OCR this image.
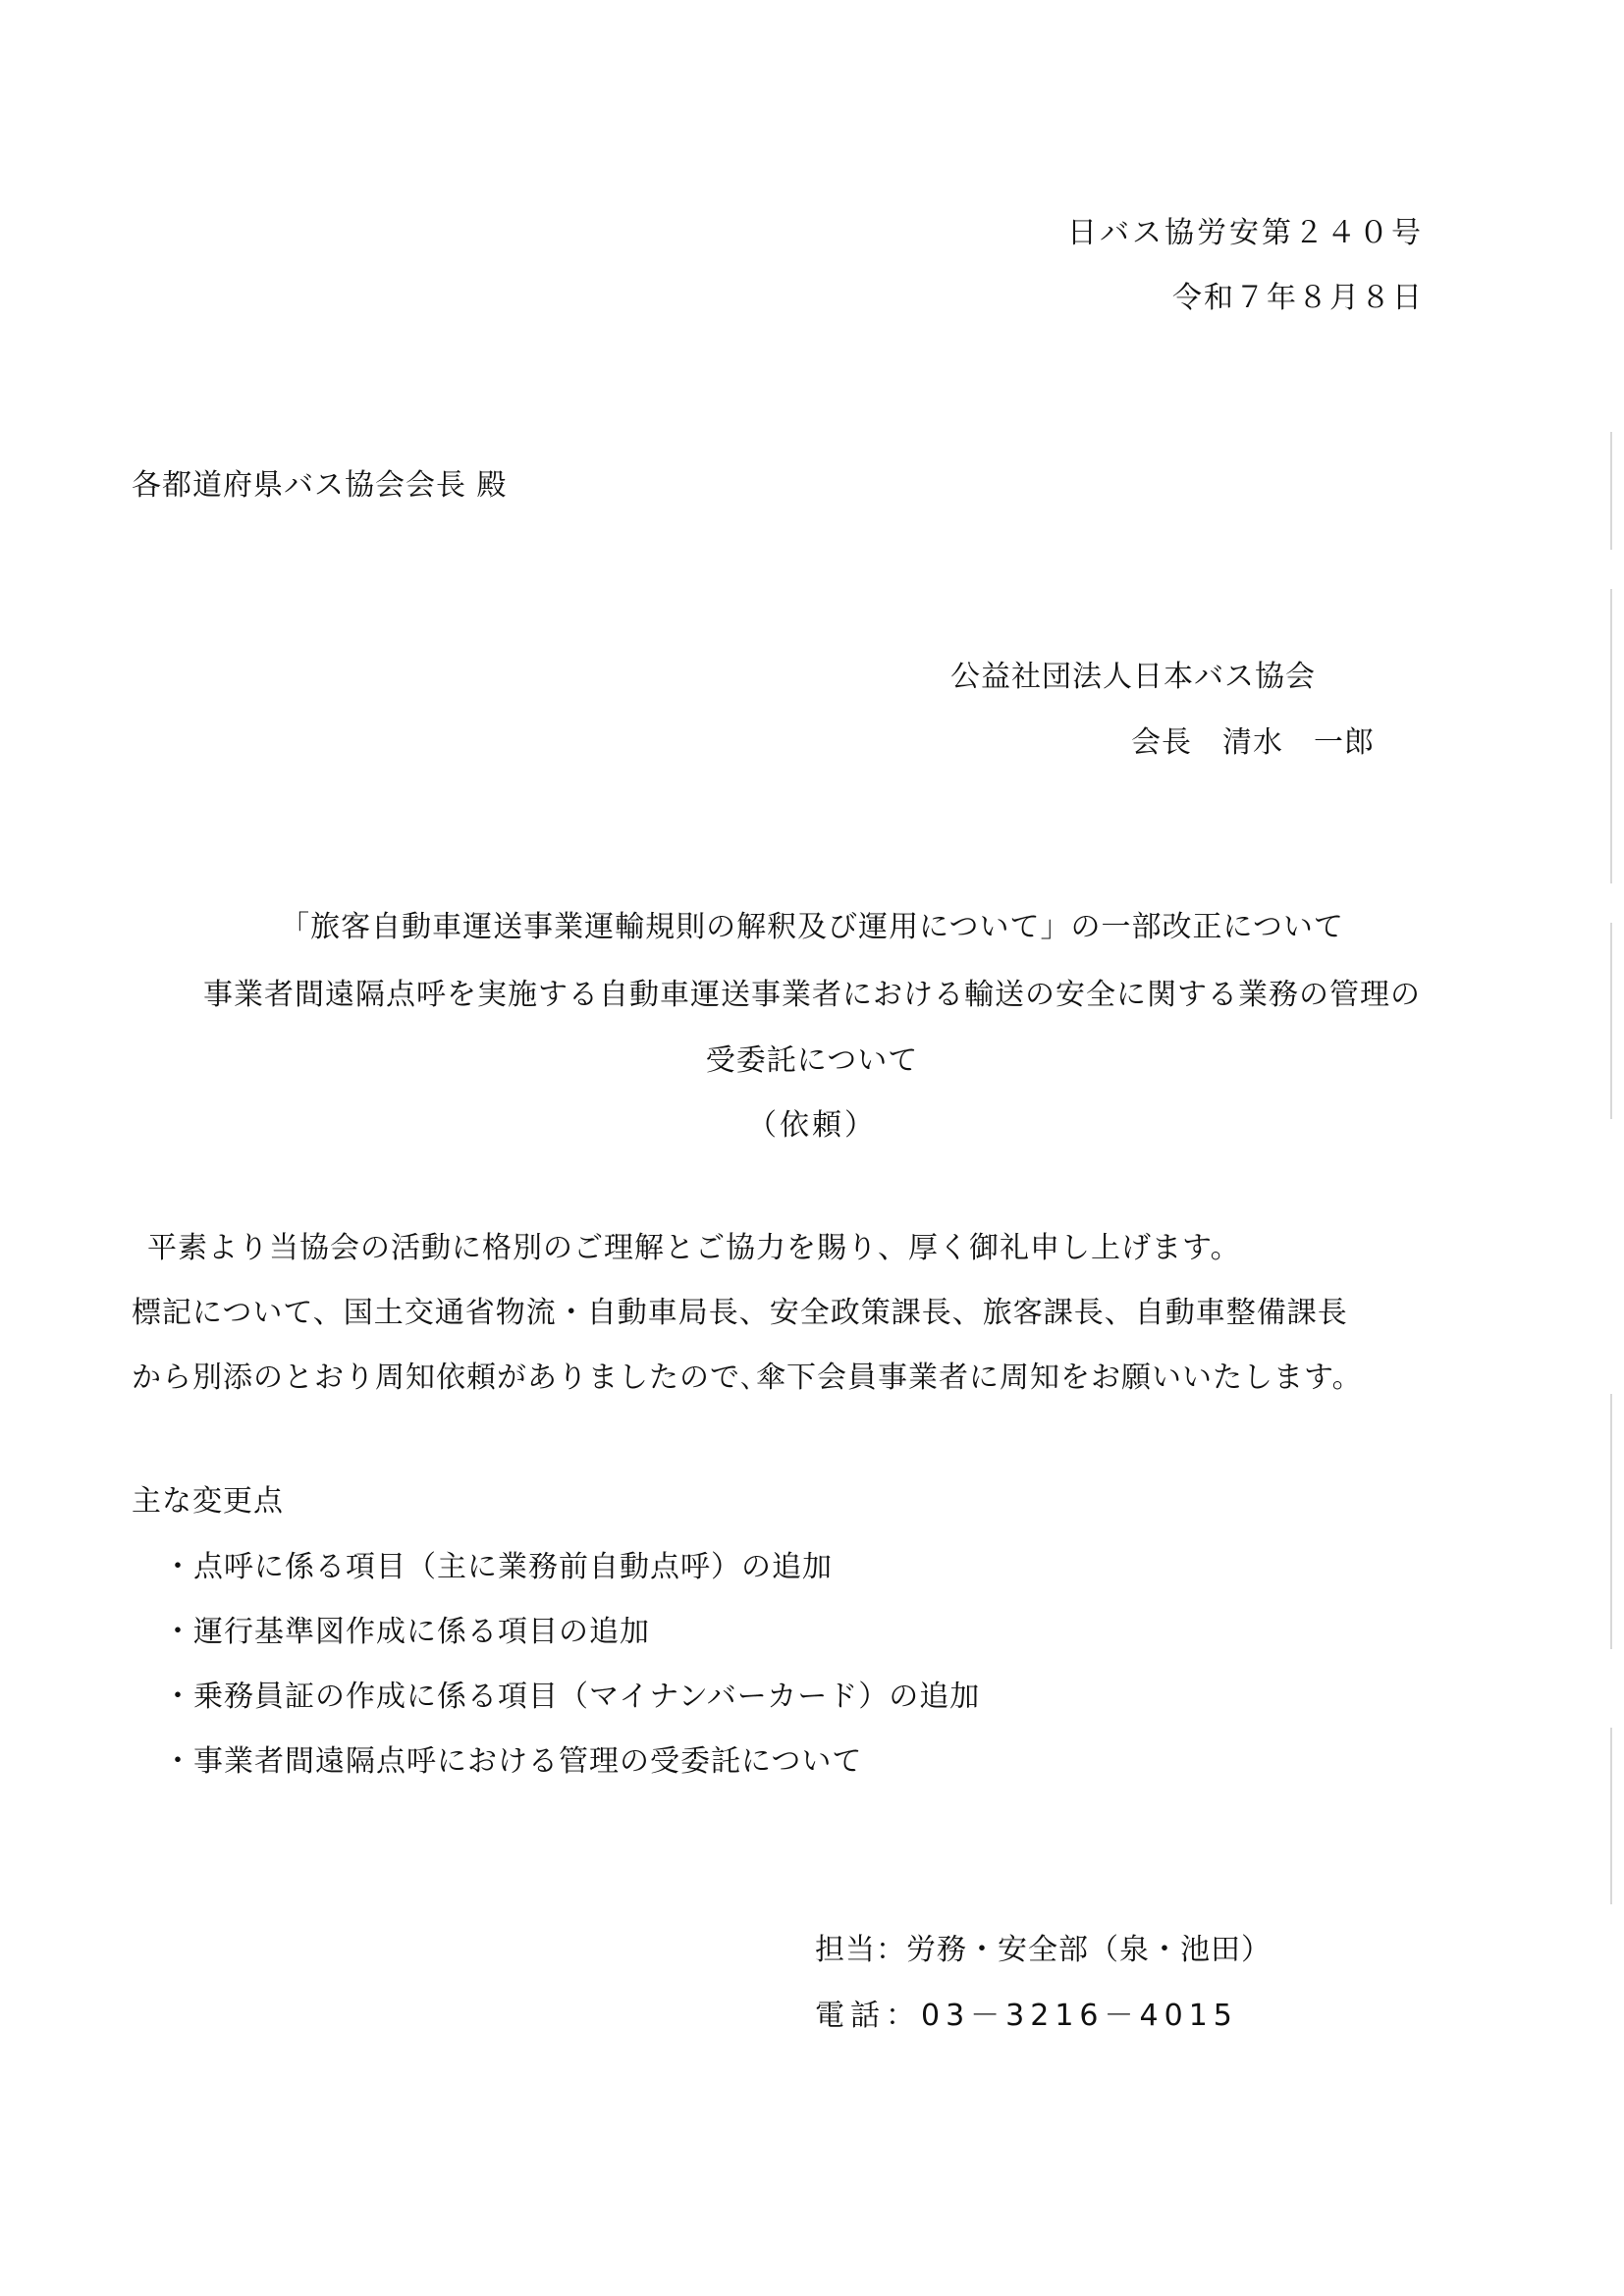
日バス協労安第２４０号
令和７年８月８日
各都道府県バス協会会長 殿
公益社団法人日本バス協会
会長　清水　一郎
「旅客自動車運送事業運輸規則の解釈及び運用について」の一部改正について
事業者間遠隔点呼を実施する自動車運送事業者における輸送の安全に関する業務の管理の
受委託について
（依頼）
平素より当協会の活動に格別のご理解とご協力を賜り、厚く御礼申し上げます。
標記について、国土交通省物流・自動車局長、安全政策課長、旅客課長、自動車整備課長
から別添のとおり周知依頼がありましたので､傘下会員事業者に周知をお願いいたします。
主な変更点
・点呼に係る項目（主に業務前自動点呼）の追加
・運行基準図作成に係る項目の追加
・乗務員証の作成に係る項目（マイナンバーカード）の追加
・事業者間遠隔点呼における管理の受委託について
担当：労務・安全部（泉・池田）
電話：03－3216－4015
